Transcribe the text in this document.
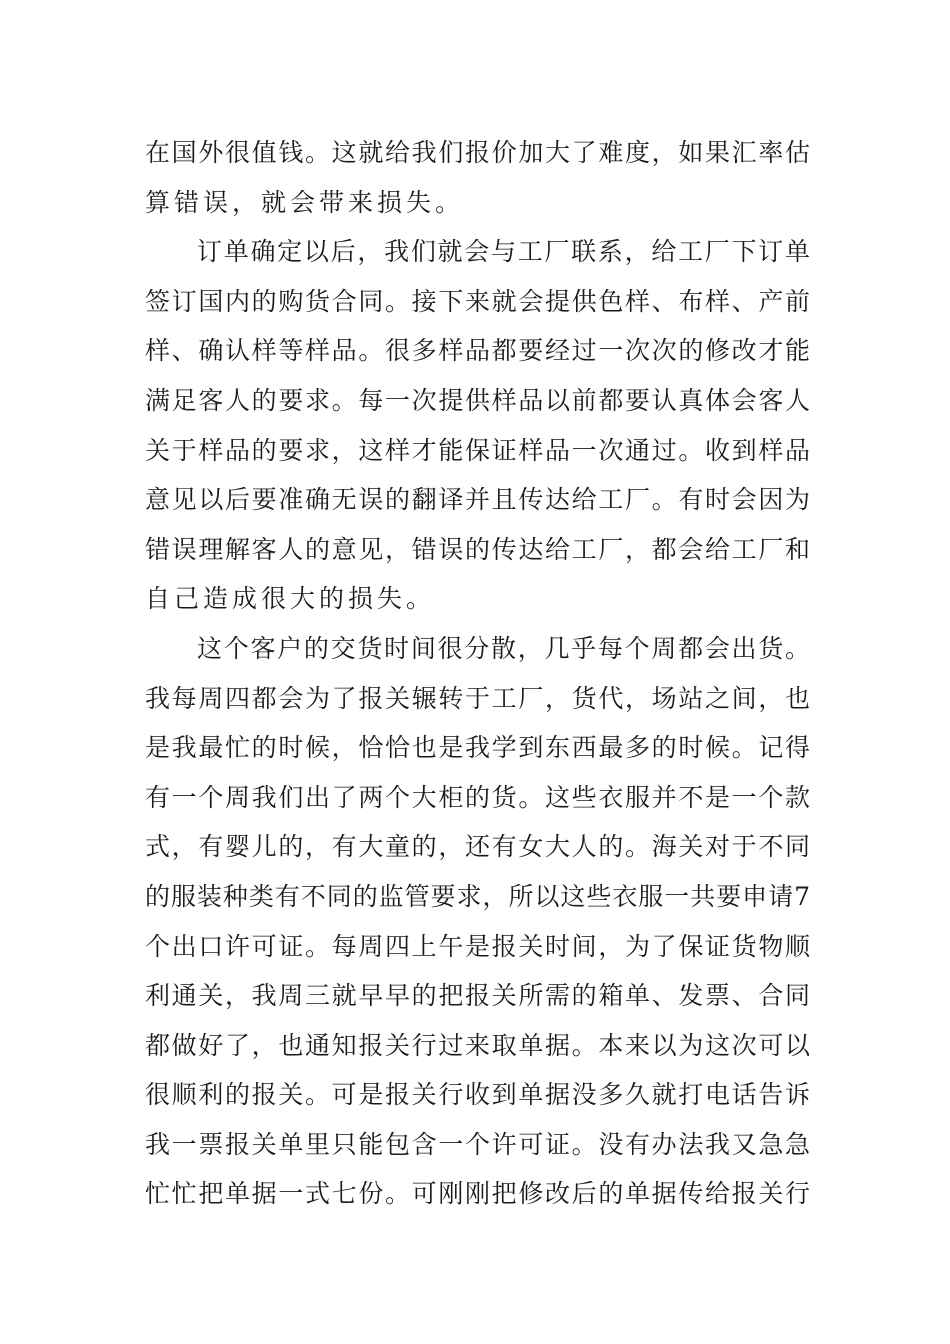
在国外很值钱。这就给我们报价加大了难度，如果汇率估
算错误，就会带来损失。
订单确定以后，我们就会与工厂联系，给工厂下订单
签订国内的购货合同。接下来就会提供色样、布样、产前
样、确认样等样品。很多样品都要经过一次次的修改才能
满足客人的要求。每一次提供样品以前都要认真体会客人
关于样品的要求，这样才能保证样品一次通过。收到样品
意见以后要准确无误的翻译并且传达给工厂。有时会因为
错误理解客人的意见，错误的传达给工厂，都会给工厂和
自己造成很大的损失。
这个客户的交货时间很分散，几乎每个周都会出货。
我每周四都会为了报关辗转于工厂，货代，场站之间，也
是我最忙的时候，恰恰也是我学到东西最多的时候。记得
有一个周我们出了两个大柜的货。这些衣服并不是一个款
式，有婴儿的，有大童的，还有女大人的。海关对于不同
的服装种类有不同的监管要求，所以这些衣服一共要申请7
个出口许可证。每周四上午是报关时间，为了保证货物顺
利通关，我周三就早早的把报关所需的箱单、发票、合同
都做好了，也通知报关行过来取单据。本来以为这次可以
很顺利的报关。可是报关行收到单据没多久就打电话告诉
我一票报关单里只能包含一个许可证。没有办法我又急急
忙忙把单据一式七份。可刚刚把修改后的单据传给报关行
